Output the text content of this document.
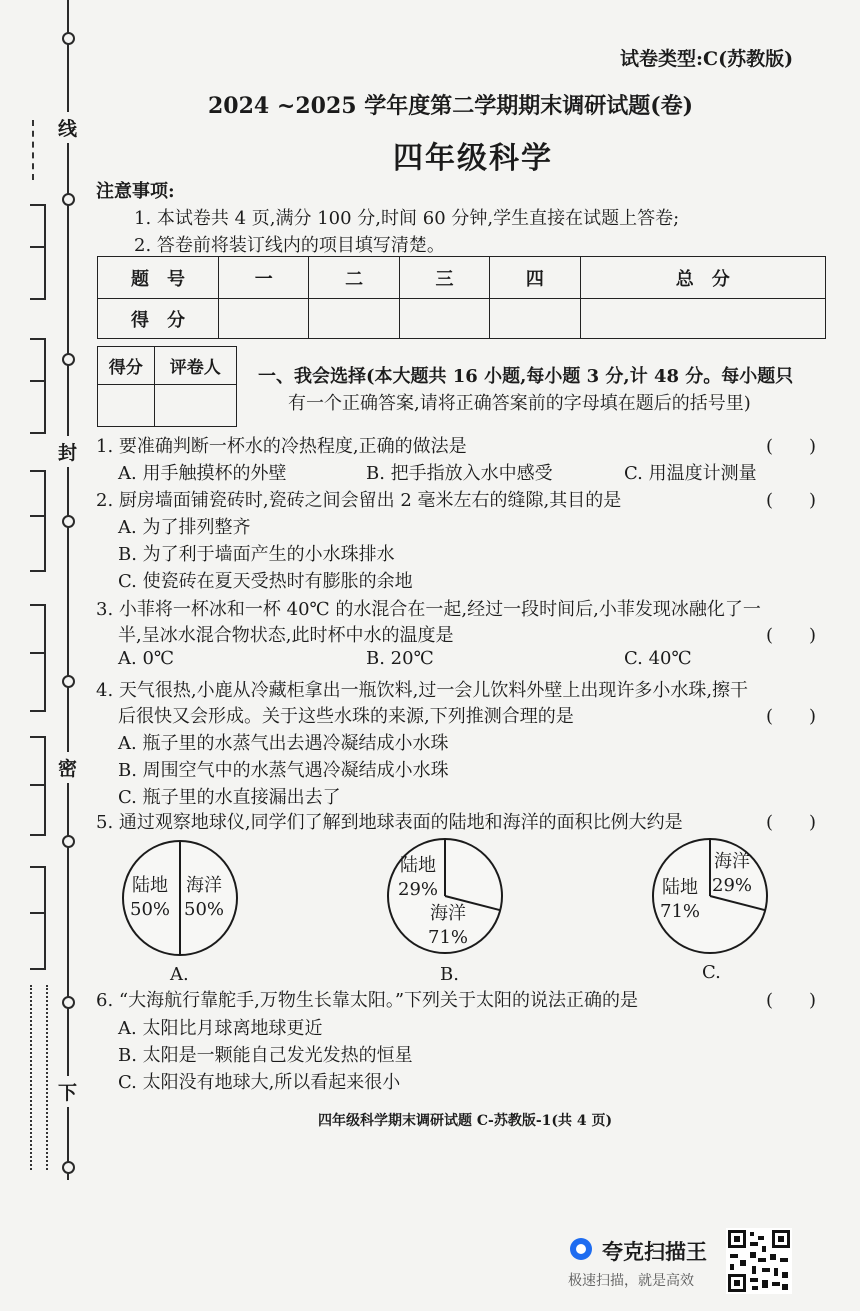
线
封
密
下
试卷类型:C(苏教版)
2024 ~2025 学年度第二学期期末调研试题(卷)
四年级科学
注意事项:
1. 本试卷共 4 页,满分 100 分,时间 60 分钟,学生直接在试题上答卷;
2. 答卷前将装订线内的项目填写清楚。
题　号	一	二	三	四	总　分
得　分					
得分	评卷人
	一、我会选择(本大题共 16 小题,每小题 3 分,计 48 分。每小题只
有一个正确答案,请将正确答案前的字母填在题后的括号里)
1. 要准确判断一杯水的冷热程度,正确的做法是	(　　)
A. 用手触摸杯的外壁	B. 把手指放入水中感受	C. 用温度计测量
2. 厨房墙面铺瓷砖时,瓷砖之间会留出 2 毫米左右的缝隙,其目的是	(　　)
A. 为了排列整齐
B. 为了利于墙面产生的小水珠排水
C. 使瓷砖在夏天受热时有膨胀的余地
3. 小菲将一杯冰和一杯 40℃ 的水混合在一起,经过一段时间后,小菲发现冰融化了一
半,呈冰水混合物状态,此时杯中水的温度是	(　　)
A. 0℃	B. 20℃	C. 40℃
4. 天气很热,小鹿从冷藏柜拿出一瓶饮料,过一会儿饮料外壁上出现许多小水珠,擦干
后很快又会形成。关于这些水珠的来源,下列推测合理的是	(　　)
A. 瓶子里的水蒸气出去遇冷凝结成小水珠
B. 周围空气中的水蒸气遇冷凝结成小水珠
C. 瓶子里的水直接漏出去了
5. 通过观察地球仪,同学们了解到地球表面的陆地和海洋的面积比例大约是	(　　)
陆地
50%
海洋
50%
A.
陆地
29%
海洋
71%
B.
陆地
71%
海洋
29%
C.
6. “大海航行靠舵手,万物生长靠太阳。”下列关于太阳的说法正确的是	(　　)
A. 太阳比月球离地球更近
B. 太阳是一颗能自己发光发热的恒星
C. 太阳没有地球大,所以看起来很小
四年级科学期末调研试题 C-苏教版-1(共 4 页)
夸克扫描王
极速扫描，就是高效
